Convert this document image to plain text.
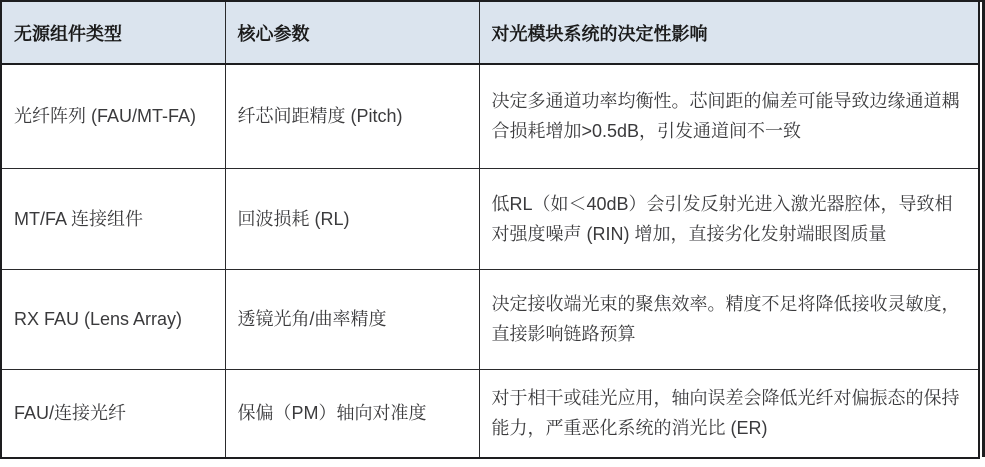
无源组件类型	核心参数	对光模块系统的决定性影响
光纤阵列 (FAU/MT-FA)	纤芯间距精度 (Pitch)	决定多通道功率均衡性。芯间距的偏差可能导致边缘通道耦合损耗增加>0.5dB，引发通道间不一致
MT/FA 连接组件	回波损耗 (RL)	低RL（如＜40dB）会引发反射光进入激光器腔体，导致相对强度噪声 (RIN) 增加，直接劣化发射端眼图质量
RX FAU (Lens Array)	透镜光角/曲率精度	决定接收端光束的聚焦效率。精度不足将降低接收灵敏度，直接影响链路预算
FAU/连接光纤	保偏（PM）轴向对准度	对于相干或硅光应用，轴向误差会降低光纤对偏振态的保持能力，严重恶化系统的消光比 (ER)
